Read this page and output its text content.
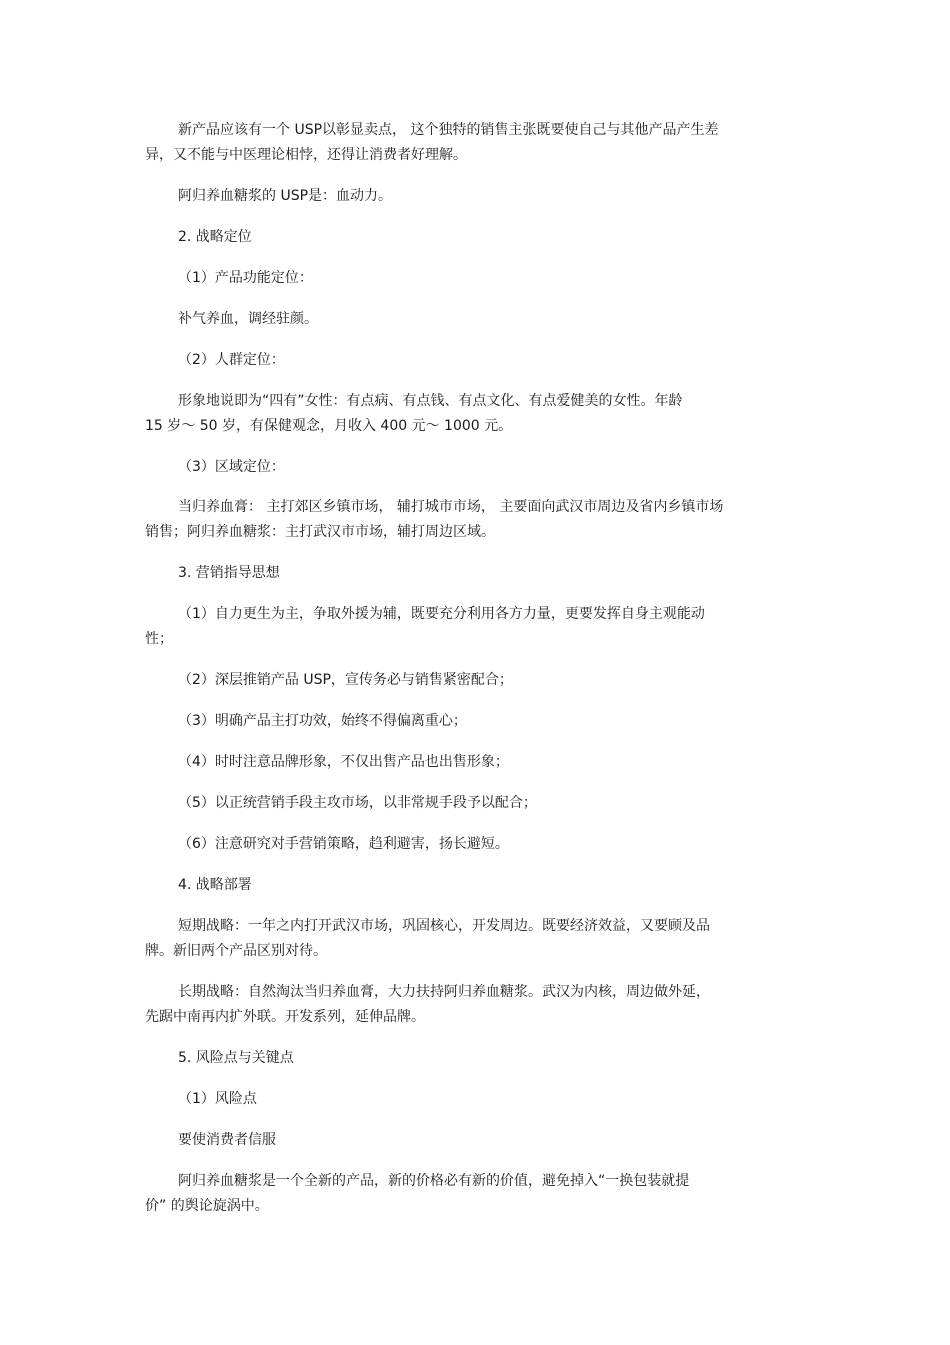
新产品应该有一个 USP以彰显卖点， 这个独特的销售主张既要使自己与其他产品产生差
异，又不能与中医理论相悖，还得让消费者好理解。
阿归养血糖浆的 USP是：血动力。
2. 战略定位
（1）产品功能定位：
补气养血，调经驻颜。
（2）人群定位：
形象地说即为“四有”女性：有点病、有点钱、有点文化、有点爱健美的女性。年龄
15 岁～ 50 岁，有保健观念，月收入 400 元～ 1000 元。
（3）区域定位：
当归养血膏： 主打郊区乡镇市场， 辅打城市市场， 主要面向武汉市周边及省内乡镇市场
销售；阿归养血糖浆：主打武汉市市场，辅打周边区域。
3. 营销指导思想
（1）自力更生为主，争取外援为辅，既要充分利用各方力量，更要发挥自身主观能动
性；
（2）深层推销产品 USP，宣传务必与销售紧密配合；
（3）明确产品主打功效，始终不得偏离重心；
（4）时时注意品牌形象，不仅出售产品也出售形象；
（5）以正统营销手段主攻市场，以非常规手段予以配合；
（6）注意研究对手营销策略，趋利避害，扬长避短。
4. 战略部署
短期战略：一年之内打开武汉市场，巩固核心，开发周边。既要经济效益，又要顾及品
牌。新旧两个产品区别对待。
长期战略：自然淘汰当归养血膏，大力扶持阿归养血糖浆。武汉为内核，周边做外延，
先踞中南再内扩外联。开发系列，延伸品牌。
5. 风险点与关键点
（1）风险点
要使消费者信服
阿归养血糖浆是一个全新的产品，新的价格必有新的价值，避免掉入“一换包装就提
价” 的舆论旋涡中。
